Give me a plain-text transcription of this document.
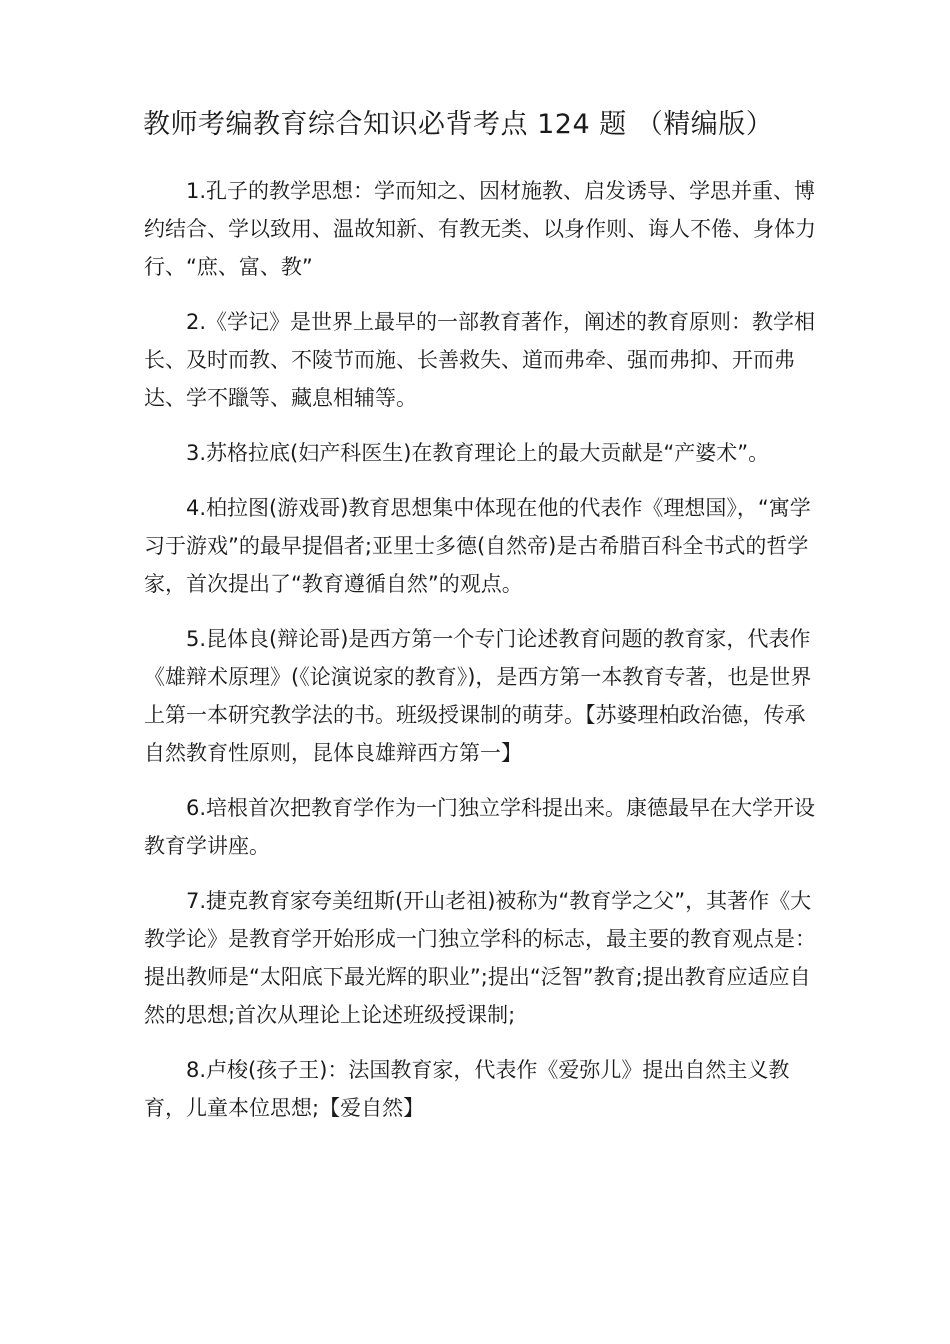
教师考编教育综合知识必背考点 124 题 （精编版）

1.孔子的教学思想：学而知之、因材施教、启发诱导、学思并重、博约结合、学以致用、温故知新、有教无类、以身作则、诲人不倦、身体力行、“庶、富、教”

2.《学记》是世界上最早的一部教育著作，阐述的教育原则：教学相长、及时而教、不陵节而施、长善救失、道而弗牵、强而弗抑、开而弗达、学不躐等、藏息相辅等。

3.苏格拉底(妇产科医生)在教育理论上的最大贡献是“产婆术”。

4.柏拉图(游戏哥)教育思想集中体现在他的代表作《理想国》，“寓学习于游戏”的最早提倡者;亚里士多德(自然帝)是古希腊百科全书式的哲学家，首次提出了“教育遵循自然”的观点。

5.昆体良(辩论哥)是西方第一个专门论述教育问题的教育家，代表作《雄辩术原理》(《论演说家的教育》)，是西方第一本教育专著，也是世界上第一本研究教学法的书。班级授课制的萌芽。【苏婆理柏政治德，传承自然教育性原则，昆体良雄辩西方第一】

6.培根首次把教育学作为一门独立学科提出来。康德最早在大学开设教育学讲座。

7.捷克教育家夸美纽斯(开山老祖)被称为“教育学之父”，其著作《大教学论》是教育学开始形成一门独立学科的标志，最主要的教育观点是：提出教师是“太阳底下最光辉的职业”;提出“泛智”教育;提出教育应适应自然的思想;首次从理论上论述班级授课制;

8.卢梭(孩子王)：法国教育家，代表作《爱弥儿》提出自然主义教育，儿童本位思想;【爱自然】
